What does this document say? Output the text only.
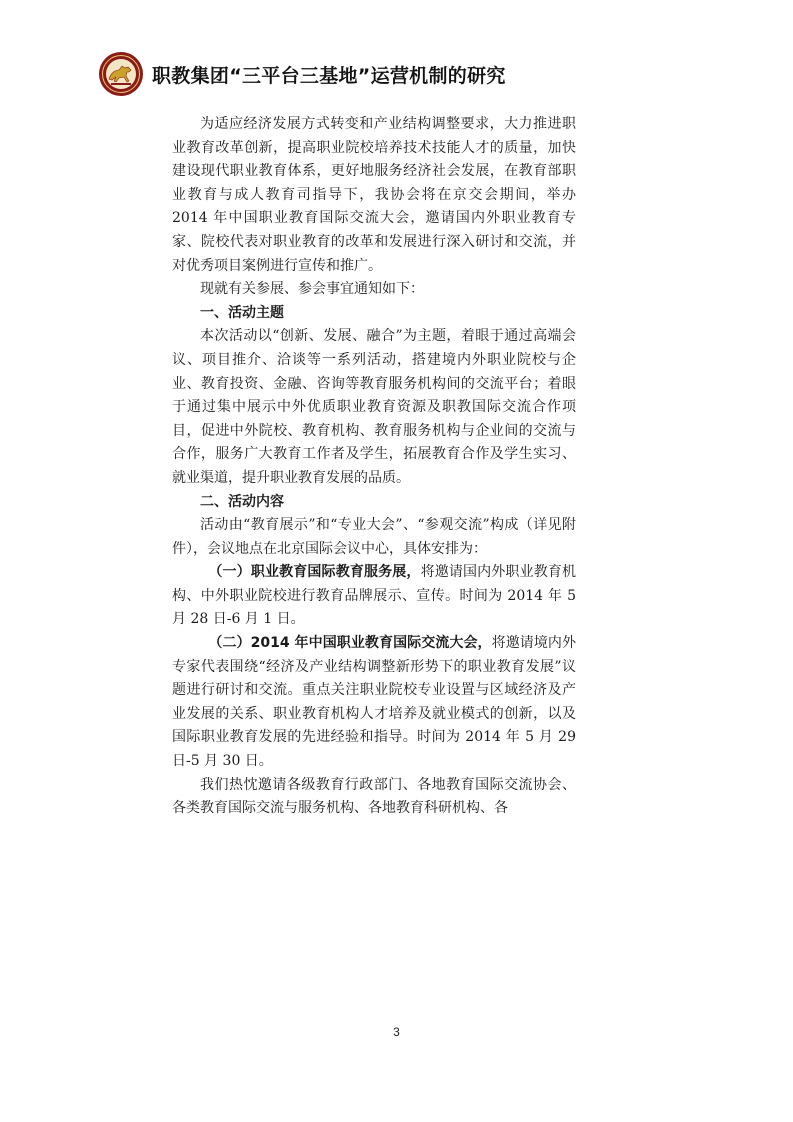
职教集团“三平台三基地”运营机制的研究

为适应经济发展方式转变和产业结构调整要求，大力推进职业教育改革创新，提高职业院校培养技术技能人才的质量，加快建设现代职业教育体系，更好地服务经济社会发展，在教育部职业教育与成人教育司指导下，我协会将在京交会期间，举办 2014 年中国职业教育国际交流大会，邀请国内外职业教育专家、院校代表对职业教育的改革和发展进行深入研讨和交流，并对优秀项目案例进行宣传和推广。

现就有关参展、参会事宜通知如下：

一、活动主题

本次活动以“创新、发展、融合”为主题，着眼于通过高端会议、项目推介、洽谈等一系列活动，搭建境内外职业院校与企业、教育投资、金融、咨询等教育服务机构间的交流平台；着眼于通过集中展示中外优质职业教育资源及职教国际交流合作项目，促进中外院校、教育机构、教育服务机构与企业间的交流与合作，服务广大教育工作者及学生，拓展教育合作及学生实习、就业渠道，提升职业教育发展的品质。

二、活动内容

活动由“教育展示”和“专业大会”、“参观交流”构成（详见附件），会议地点在北京国际会议中心，具体安排为：

（一）职业教育国际教育服务展，将邀请国内外职业教育机构、中外职业院校进行教育品牌展示、宣传。时间为 2014 年 5 月 28 日-6 月 1 日。

（二）2014 年中国职业教育国际交流大会，将邀请境内外专家代表围绕“经济及产业结构调整新形势下的职业教育发展”议题进行研讨和交流。重点关注职业院校专业设置与区域经济及产业发展的关系、职业教育机构人才培养及就业模式的创新，以及国际职业教育发展的先进经验和指导。时间为 2014 年 5 月 29 日-5 月 30 日。

我们热忱邀请各级教育行政部门、各地教育国际交流协会、各类教育国际交流与服务机构、各地教育科研机构、各

3
